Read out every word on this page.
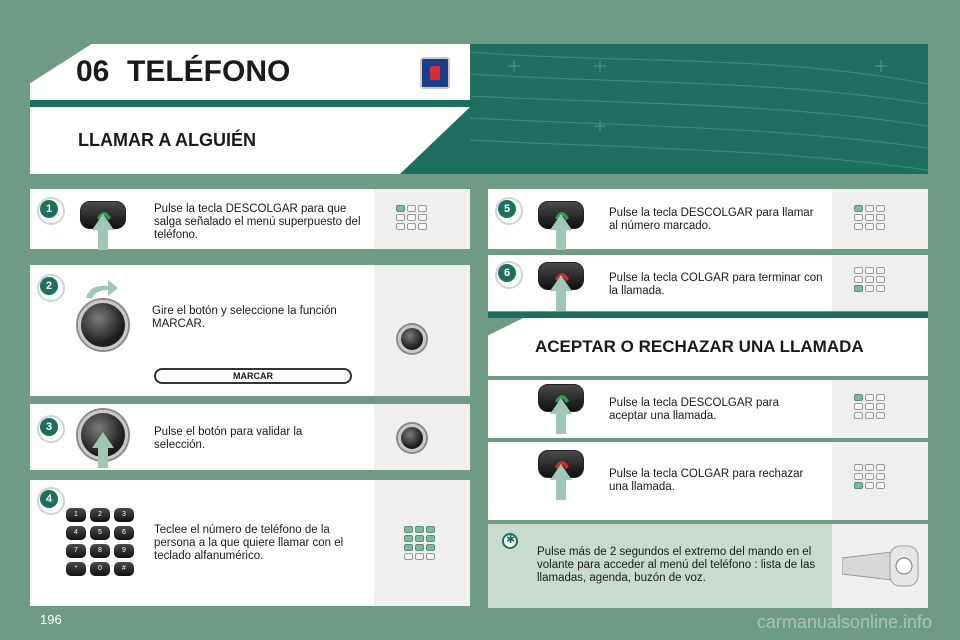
06 TELÉFONO
LLAMAR A ALGUIÉN
1	Pulse la tecla DESCOLGAR para que salga señalado el menú superpuesto del teléfono.
2
Gire el botón y seleccione la función MARCAR.
MARCAR
3	Pulse el botón para validar la selección.
4
1	2	3
4	5	6
7	8	9
*	0	#
Teclee el número de teléfono de la persona a la que quiere llamar con el teclado alfanumérico.
5	Pulse la tecla DESCOLGAR para llamar al número marcado.
6	Pulse la tecla COLGAR para terminar con la llamada.
ACEPTAR O RECHAZAR UNA LLAMADA
Pulse la tecla DESCOLGAR para aceptar una llamada.
Pulse la tecla COLGAR para rechazar una llamada.
✱
Pulse más de 2 segundos el extremo del mando en el volante para acceder al menú del teléfono : lista de las llamadas, agenda, buzón de voz.
196	carmanualsonline.info
